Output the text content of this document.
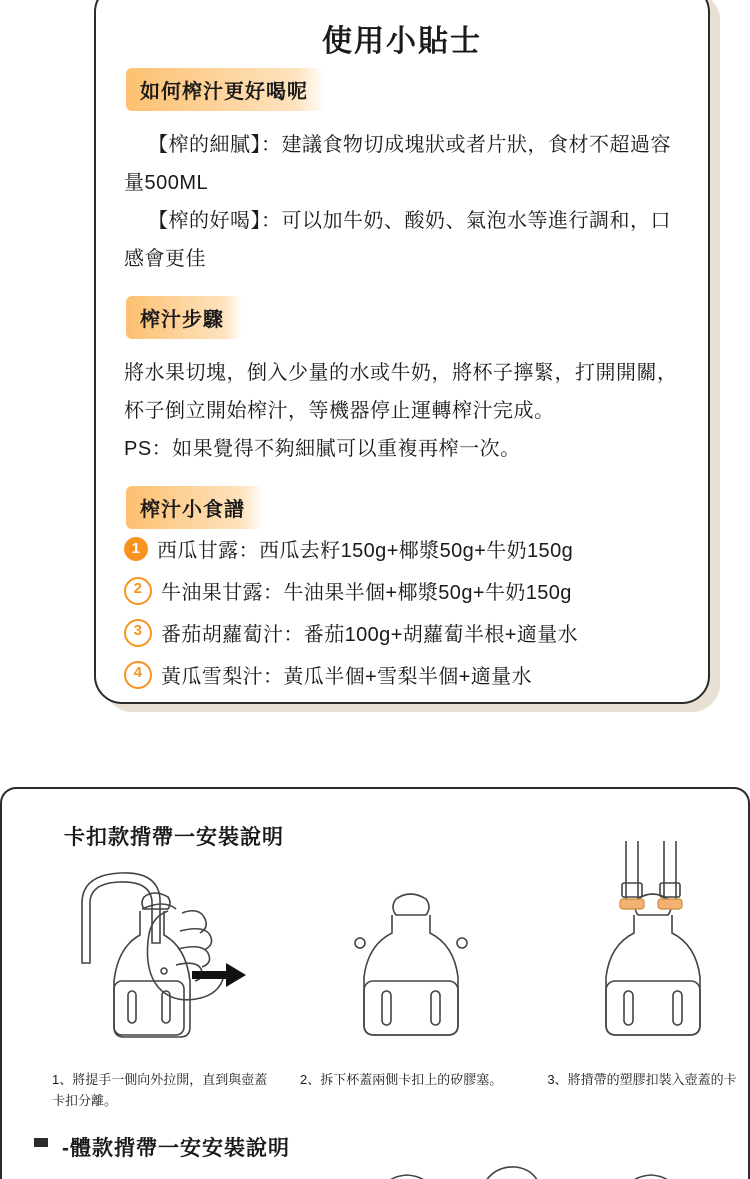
使用小貼士
如何榨汁更好喝呢
【榨的細膩】：建議食物切成塊狀或者片狀，食材不超過容量500ML
【榨的好喝】：可以加牛奶、酸奶、氣泡水等進行調和，口感會更佳
榨汁步驟
將水果切塊，倒入少量的水或牛奶，將杯子擰緊，打開開關，杯子倒立開始榨汁，等機器停止運轉榨汁完成。
PS：如果覺得不夠細膩可以重複再榨一次。
榨汁小食譜
1 西瓜甘露：西瓜去籽150g+椰漿50g+牛奶150g
2 牛油果甘露：牛油果半個+椰漿50g+牛奶150g
3 番茄胡蘿蔔汁：番茄100g+胡蘿蔔半根+適量水
4 黃瓜雪梨汁：黃瓜半個+雪梨半個+適量水
卡扣款揹帶一安裝說明
1、將提手一側向外拉開，直到與壺蓋卡扣分離。
2、拆下杯蓋兩側卡扣上的矽膠塞。	3、將揹帶的塑膠扣裝入壺蓋的卡
-體款揹帶一安安裝說明
